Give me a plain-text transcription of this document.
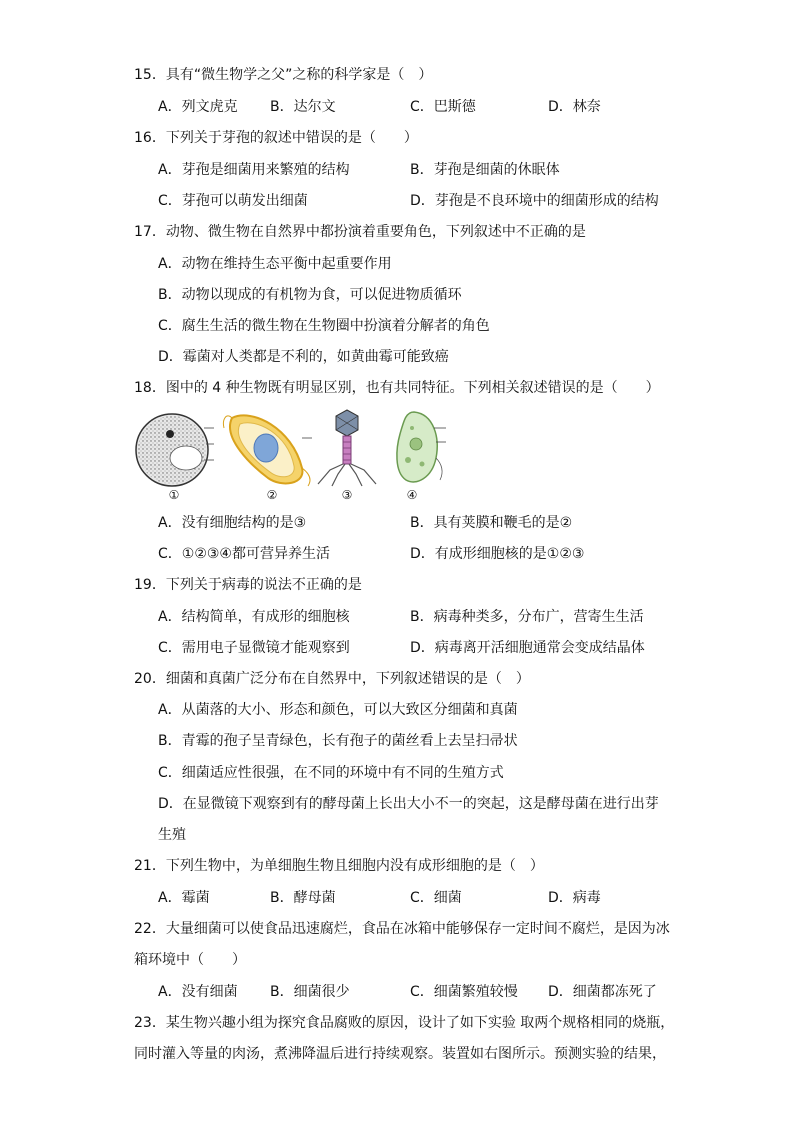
15．具有“微生物学之父”之称的科学家是（　）
A．列文虎克 B．达尔文	C．巴斯德	D．林奈
16．下列关于芽孢的叙述中错误的是（　　）
A．芽孢是细菌用来繁殖的结构	B．芽孢是细菌的休眠体
C．芽孢可以萌发出细菌	D．芽孢是不良环境中的细菌形成的结构
17．动物、微生物在自然界中都扮演着重要角色，下列叙述中不正确的是
A．动物在维持生态平衡中起重要作用
B．动物以现成的有机物为食，可以促进物质循环
C．腐生生活的微生物在生物圈中扮演着分解者的角色
D．霉菌对人类都是不利的，如黄曲霉可能致癌
18．图中的 4 种生物既有明显区别，也有共同特征。下列相关叙述错误的是（　　）
①	②	③	④
A．没有细胞结构的是③	B．具有荚膜和鞭毛的是②
C．①②③④都可营异养生活	D．有成形细胞核的是①②③
19．下列关于病毒的说法不正确的是
A．结构简单，有成形的细胞核	B．病毒种类多，分布广，营寄生生活
C．需用电子显微镜才能观察到	D．病毒离开活细胞通常会变成结晶体
20．细菌和真菌广泛分布在自然界中，下列叙述错误的是（　）
A．从菌落的大小、形态和颜色，可以大致区分细菌和真菌
B．青霉的孢子呈青绿色，长有孢子的菌丝看上去呈扫帚状
C．细菌适应性很强，在不同的环境中有不同的生殖方式
D．在显微镜下观察到有的酵母菌上长出大小不一的突起，这是酵母菌在进行出芽
生殖
21．下列生物中，为单细胞生物且细胞内没有成形细胞的是（　）
A．霉菌	B．酵母菌	C．细菌	D．病毒
22．大量细菌可以使食品迅速腐烂，食品在冰箱中能够保存一定时间不腐烂，是因为冰
箱环境中（　　）
A．没有细菌 B．细菌很少	C．细菌繁殖较慢 D．细菌都冻死了
23．某生物兴趣小组为探究食品腐败的原因，设计了如下实验 取两个规格相同的烧瓶，
同时灌入等量的肉汤，煮沸降温后进行持续观察。装置如右图所示。预测实验的结果，
